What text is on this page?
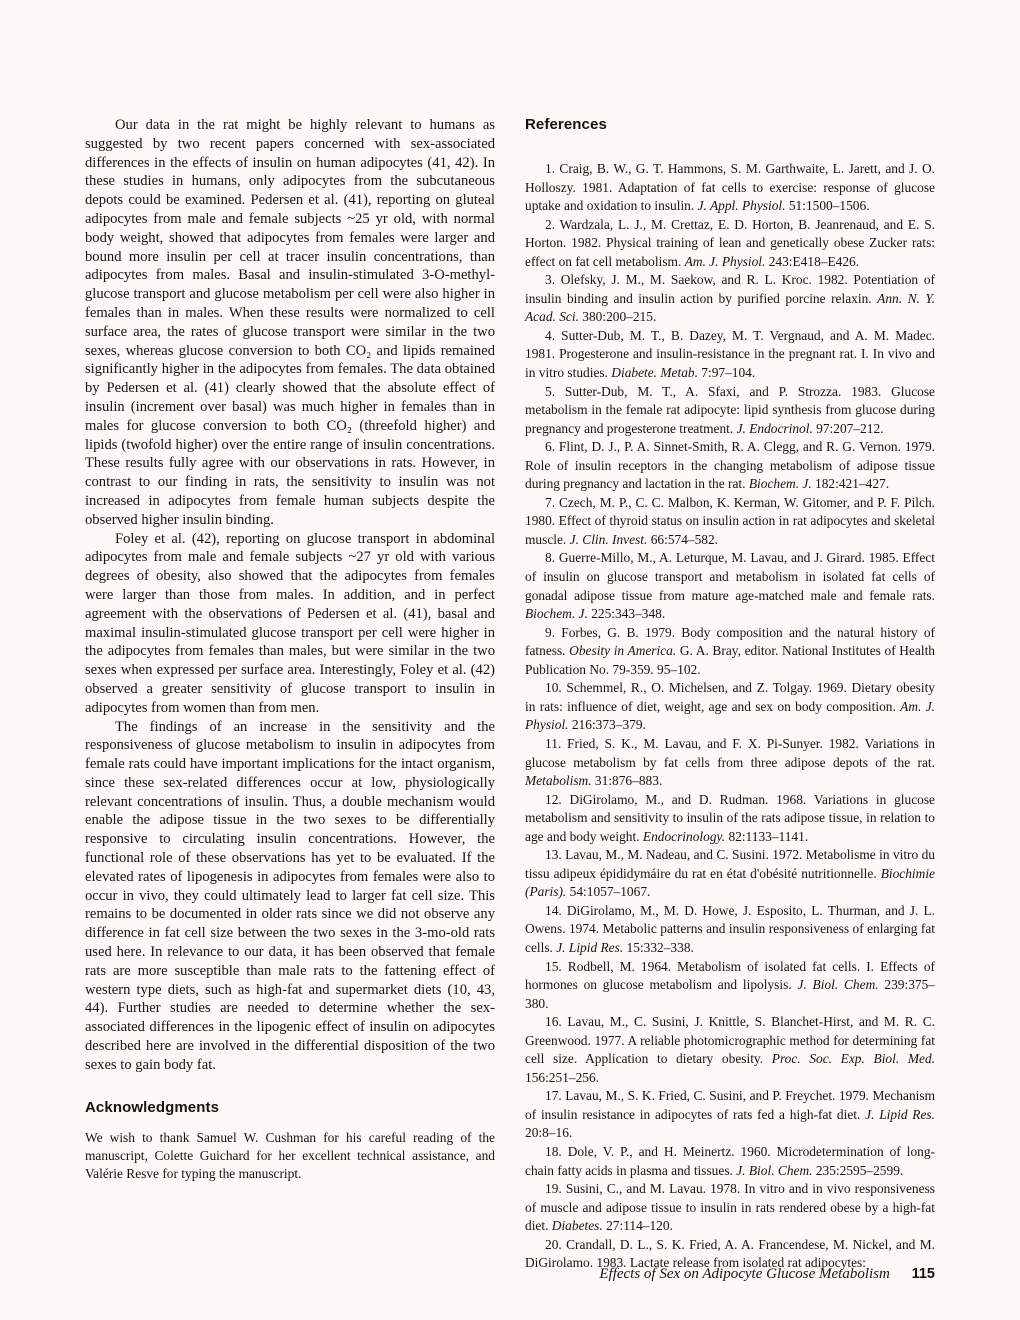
Our data in the rat might be highly relevant to humans as suggested by two recent papers concerned with sex-associated differences in the effects of insulin on human adipocytes (41, 42). In these studies in humans, only adipocytes from the subcutaneous depots could be examined. Pedersen et al. (41), reporting on gluteal adipocytes from male and female subjects ~25 yr old, with normal body weight, showed that adipocytes from females were larger and bound more insulin per cell at tracer insulin concentrations, than adipocytes from males. Basal and insulin-stimulated 3-O-methyl-glucose transport and glucose metabolism per cell were also higher in females than in males. When these results were normalized to cell surface area, the rates of glucose transport were similar in the two sexes, whereas glucose conversion to both CO₂ and lipids remained significantly higher in the adipocytes from females. The data obtained by Pedersen et al. (41) clearly showed that the absolute effect of insulin (increment over basal) was much higher in females than in males for glucose conversion to both CO₂ (threefold higher) and lipids (twofold higher) over the entire range of insulin concentrations. These results fully agree with our observations in rats. However, in contrast to our finding in rats, the sensitivity to insulin was not increased in adipocytes from female human subjects despite the observed higher insulin binding.

Foley et al. (42), reporting on glucose transport in abdominal adipocytes from male and female subjects ~27 yr old with various degrees of obesity, also showed that the adipocytes from females were larger than those from males. In addition, and in perfect agreement with the observations of Pedersen et al. (41), basal and maximal insulin-stimulated glucose transport per cell were higher in the adipocytes from females than males, but were similar in the two sexes when expressed per surface area. Interestingly, Foley et al. (42) observed a greater sensitivity of glucose transport to insulin in adipocytes from women than from men.

The findings of an increase in the sensitivity and the responsiveness of glucose metabolism to insulin in adipocytes from female rats could have important implications for the intact organism, since these sex-related differences occur at low, physiologically relevant concentrations of insulin. Thus, a double mechanism would enable the adipose tissue in the two sexes to be differentially responsive to circulating insulin concentrations. However, the functional role of these observations has yet to be evaluated. If the elevated rates of lipogenesis in adipocytes from females were also to occur in vivo, they could ultimately lead to larger fat cell size. This remains to be documented in older rats since we did not observe any difference in fat cell size between the two sexes in the 3-mo-old rats used here. In relevance to our data, it has been observed that female rats are more susceptible than male rats to the fattening effect of western type diets, such as high-fat and supermarket diets (10, 43, 44). Further studies are needed to determine whether the sex-associated differences in the lipogenic effect of insulin on adipocytes described here are involved in the differential disposition of the two sexes to gain body fat.

Acknowledgments

We wish to thank Samuel W. Cushman for his careful reading of the manuscript, Colette Guichard for her excellent technical assistance, and Valérie Resve for typing the manuscript.

References

1. Craig, B. W., G. T. Hammons, S. M. Garthwaite, L. Jarett, and J. O. Holloszy. 1981. Adaptation of fat cells to exercise: response of glucose uptake and oxidation to insulin. J. Appl. Physiol. 51:1500–1506.

2. Wardzala, L. J., M. Crettaz, E. D. Horton, B. Jeanrenaud, and E. S. Horton. 1982. Physical training of lean and genetically obese Zucker rats: effect on fat cell metabolism. Am. J. Physiol. 243:E418–E426.

3. Olefsky, J. M., M. Saekow, and R. L. Kroc. 1982. Potentiation of insulin binding and insulin action by purified porcine relaxin. Ann. N. Y. Acad. Sci. 380:200–215.

4. Sutter-Dub, M. T., B. Dazey, M. T. Vergnaud, and A. M. Madec. 1981. Progesterone and insulin-resistance in the pregnant rat. I. In vivo and in vitro studies. Diabete. Metab. 7:97–104.

5. Sutter-Dub, M. T., A. Sfaxi, and P. Strozza. 1983. Glucose metabolism in the female rat adipocyte: lipid synthesis from glucose during pregnancy and progesterone treatment. J. Endocrinol. 97:207–212.

6. Flint, D. J., P. A. Sinnet-Smith, R. A. Clegg, and R. G. Vernon. 1979. Role of insulin receptors in the changing metabolism of adipose tissue during pregnancy and lactation in the rat. Biochem. J. 182:421–427.

7. Czech, M. P., C. C. Malbon, K. Kerman, W. Gitomer, and P. F. Pilch. 1980. Effect of thyroid status on insulin action in rat adipocytes and skeletal muscle. J. Clin. Invest. 66:574–582.

8. Guerre-Millo, M., A. Leturque, M. Lavau, and J. Girard. 1985. Effect of insulin on glucose transport and metabolism in isolated fat cells of gonadal adipose tissue from mature age-matched male and female rats. Biochem. J. 225:343–348.

9. Forbes, G. B. 1979. Body composition and the natural history of fatness. Obesity in America. G. A. Bray, editor. National Institutes of Health Publication No. 79-359. 95–102.

10. Schemmel, R., O. Michelsen, and Z. Tolgay. 1969. Dietary obesity in rats: influence of diet, weight, age and sex on body composition. Am. J. Physiol. 216:373–379.

11. Fried, S. K., M. Lavau, and F. X. Pi-Sunyer. 1982. Variations in glucose metabolism by fat cells from three adipose depots of the rat. Metabolism. 31:876–883.

12. DiGirolamo, M., and D. Rudman. 1968. Variations in glucose metabolism and sensitivity to insulin of the rats adipose tissue, in relation to age and body weight. Endocrinology. 82:1133–1141.

13. Lavau, M., M. Nadeau, and C. Susini. 1972. Metabolisme in vitro du tissu adipeux épididymáire du rat en état d'obésité nutritionnelle. Biochimie (Paris). 54:1057–1067.

14. DiGirolamo, M., M. D. Howe, J. Esposito, L. Thurman, and J. L. Owens. 1974. Metabolic patterns and insulin responsiveness of enlarging fat cells. J. Lipid Res. 15:332–338.

15. Rodbell, M. 1964. Metabolism of isolated fat cells. I. Effects of hormones on glucose metabolism and lipolysis. J. Biol. Chem. 239:375–380.

16. Lavau, M., C. Susini, J. Knittle, S. Blanchet-Hirst, and M. R. C. Greenwood. 1977. A reliable photomicrographic method for determining fat cell size. Application to dietary obesity. Proc. Soc. Exp. Biol. Med. 156:251–256.

17. Lavau, M., S. K. Fried, C. Susini, and P. Freychet. 1979. Mechanism of insulin resistance in adipocytes of rats fed a high-fat diet. J. Lipid Res. 20:8–16.

18. Dole, V. P., and H. Meinertz. 1960. Microdetermination of long-chain fatty acids in plasma and tissues. J. Biol. Chem. 235:2595–2599.

19. Susini, C., and M. Lavau. 1978. In vitro and in vivo responsiveness of muscle and adipose tissue to insulin in rats rendered obese by a high-fat diet. Diabetes. 27:114–120.

20. Crandall, D. L., S. K. Fried, A. A. Francendese, M. Nickel, and M. DiGirolamo. 1983. Lactate release from isolated rat adipocytes:

Effects of Sex on Adipocyte Glucose Metabolism 115
